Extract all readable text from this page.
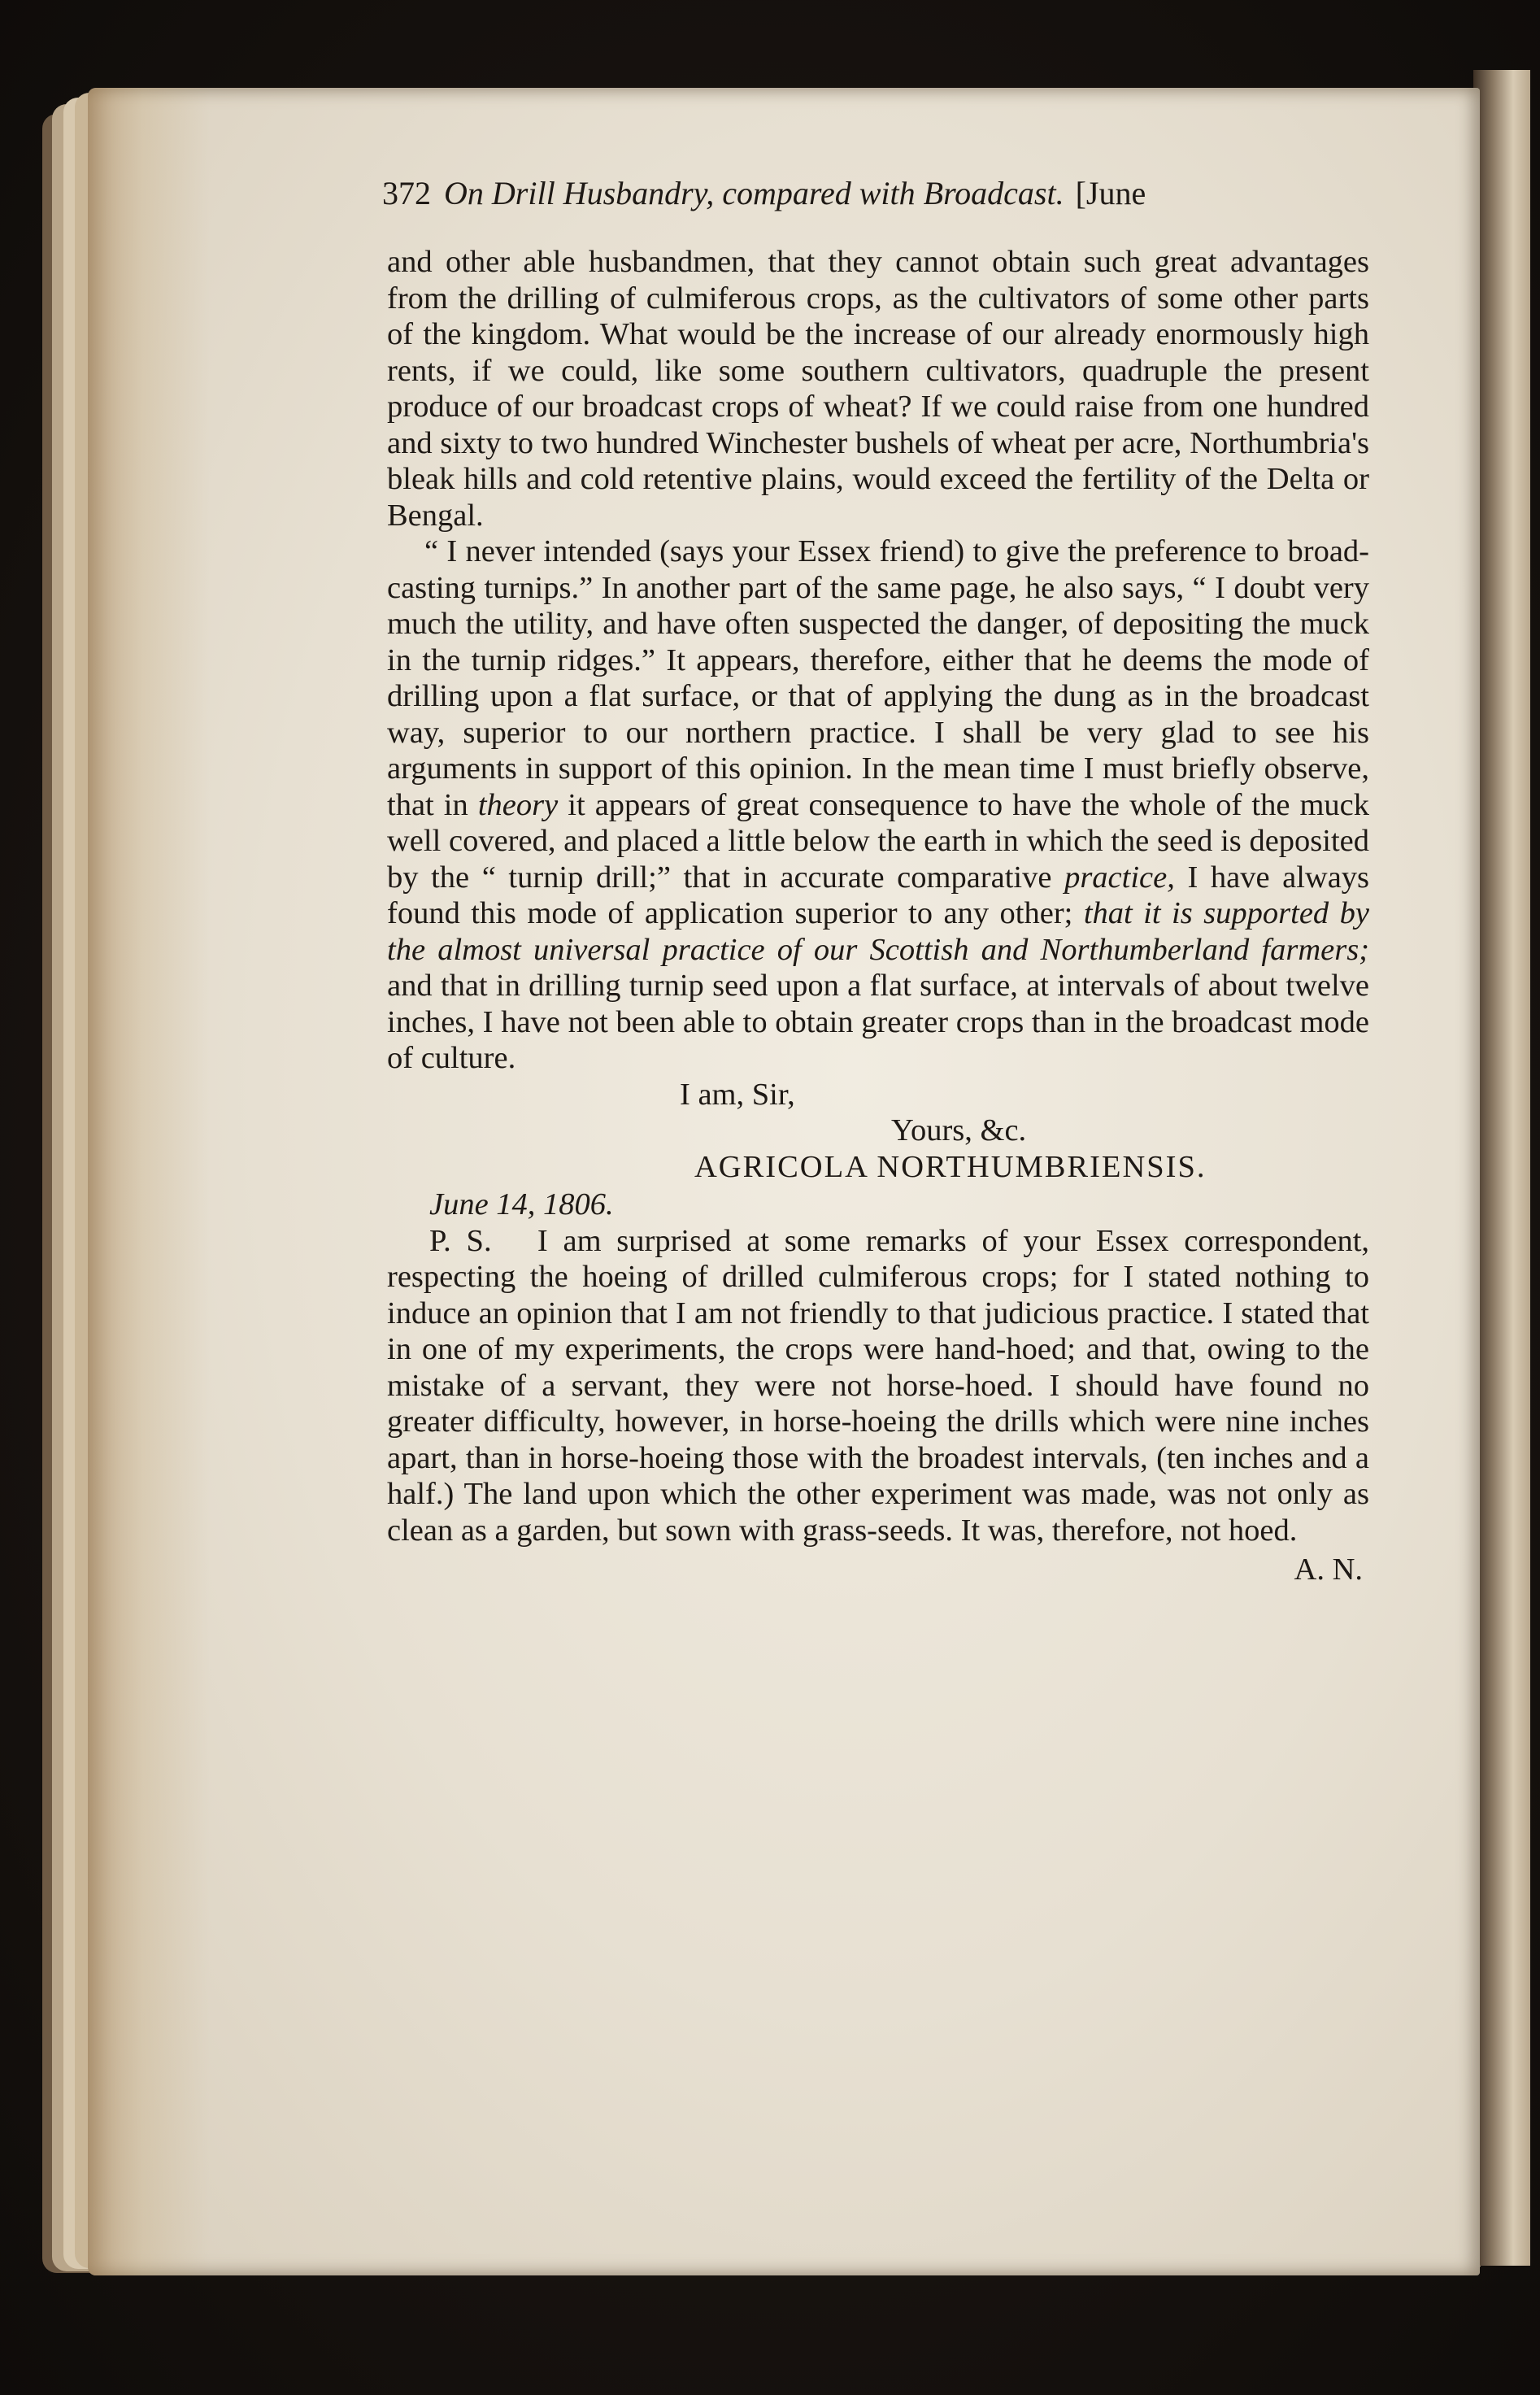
372 On Drill Husbandry, compared with Broadcast. [June

and other able husbandmen, that they cannot obtain such great advantages from the drilling of culmiferous crops, as the cultivators of some other parts of the kingdom. What would be the increase of our already enormously high rents, if we could, like some southern cultivators, quadruple the present produce of our broadcast crops of wheat? If we could raise from one hundred and sixty to two hundred Winchester bushels of wheat per acre, Northumbria's bleak hills and cold retentive plains, would exceed the fertility of the Delta or Bengal.

“ I never intended (says your Essex friend) to give the preference to broad-casting turnips.” In another part of the same page, he also says, “ I doubt very much the utility, and have often suspected the danger, of depositing the muck in the turnip ridges.” It appears, therefore, either that he deems the mode of drilling upon a flat surface, or that of applying the dung as in the broadcast way, superior to our northern practice. I shall be very glad to see his arguments in support of this opinion. In the mean time I must briefly observe, that in theory it appears of great consequence to have the whole of the muck well covered, and placed a little below the earth in which the seed is deposited by the “ turnip drill;” that in accurate comparative practice, I have always found this mode of application superior to any other; that it is supported by the almost universal practice of our Scottish and Northumberland farmers; and that in drilling turnip seed upon a flat surface, at intervals of about twelve inches, I have not been able to obtain greater crops than in the broadcast mode of culture.

I am, Sir,
Yours, &c.
AGRICOLA NORTHUMBRIENSIS.
June 14, 1806.

P. S. I am surprised at some remarks of your Essex correspondent, respecting the hoeing of drilled culmiferous crops; for I stated nothing to induce an opinion that I am not friendly to that judicious practice. I stated that in one of my experiments, the crops were hand-hoed; and that, owing to the mistake of a servant, they were not horse-hoed. I should have found no greater difficulty, however, in horse-hoeing the drills which were nine inches apart, than in horse-hoeing those with the broadest intervals, (ten inches and a half.) The land upon which the other experiment was made, was not only as clean as a garden, but sown with grass-seeds. It was, therefore, not hoed.

A. N.
